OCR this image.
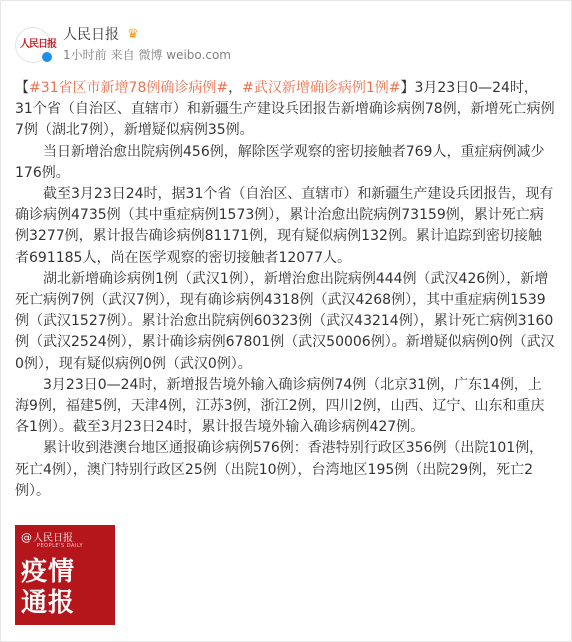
人民日报
人民日报 ♛
1小时前 来自 微博 weibo.com

【#31省区市新增78例确诊病例#，#武汉新增确诊病例1例#】3月23日0—24时，31个省（自治区、直辖市）和新疆生产建设兵团报告新增确诊病例78例，新增死亡病例7例（湖北7例），新增疑似病例35例。

当日新增治愈出院病例456例，解除医学观察的密切接触者769人，重症病例减少176例。

截至3月23日24时，据31个省（自治区、直辖市）和新疆生产建设兵团报告，现有确诊病例4735例（其中重症病例1573例），累计治愈出院病例73159例，累计死亡病例3277例，累计报告确诊病例81171例，现有疑似病例132例。累计追踪到密切接触者691185人，尚在医学观察的密切接触者12077人。

湖北新增确诊病例1例（武汉1例），新增治愈出院病例444例（武汉426例），新增死亡病例7例（武汉7例），现有确诊病例4318例（武汉4268例），其中重症病例1539例（武汉1527例）。累计治愈出院病例60323例（武汉43214例），累计死亡病例3160例（武汉2524例），累计确诊病例67801例（武汉50006例）。新增疑似病例0例（武汉0例），现有疑似病例0例（武汉0例）。

3月23日0—24时，新增报告境外输入确诊病例74例（北京31例，广东14例，上海9例，福建5例，天津4例，江苏3例，浙江2例，四川2例，山西、辽宁、山东和重庆各1例）。截至3月23日24时，累计报告境外输入确诊病例427例。

累计收到港澳台地区通报确诊病例576例：香港特别行政区356例（出院101例，死亡4例），澳门特别行政区25例（出院10例），台湾地区195例（出院29例，死亡2例）。

@人民日报
PEOPLE'S DAILY
疫情
通报
